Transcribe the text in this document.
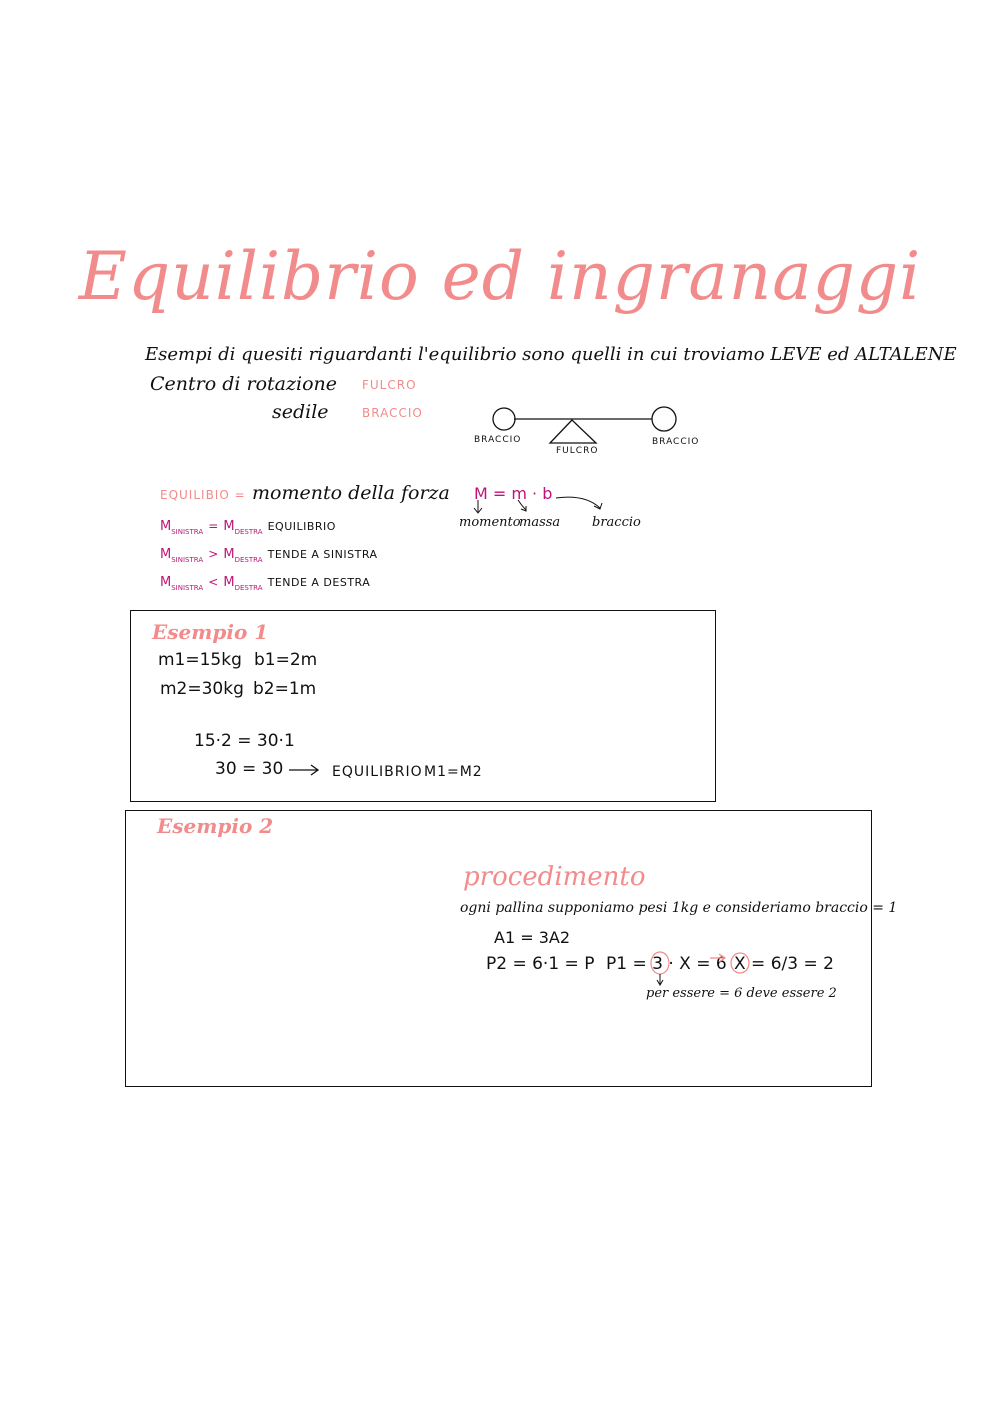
Equilibrio ed ingranaggi
Esempi di quesiti riguardanti l'equilibrio sono quelli in cui troviamo LEVE ed ALTALENE
Centro di rotazione FULCRO
sedile	BRACCIO
BRACCIO	BRACCIO
FULCRO
EQUILIBIO = momento della forza M = m · b
momento
massa braccio
$M_{SINISTRA} = M_{DESTRA}$ EQUILIBRIO
$M_{SINISTRA} > M_{DESTRA}$ TENDE A SINISTRA
$M_{SINISTRA} < M_{DESTRA}$ TENDE A DESTRA
Esempio 1
m1=15kg b1=2m
m2=30kg b2=1m
15·2 = 30·1
30 = 30	EQUILIBRIO M1=M2
Esempio 2
procedimento
ogni pallina supponiamo pesi 1kg e consideriamo braccio = 1
A1 = 3A2
P2 = 6·1 = P P1 = 3 · X = 6 X = 6/3 = 2
per essere = 6 deve essere 2
